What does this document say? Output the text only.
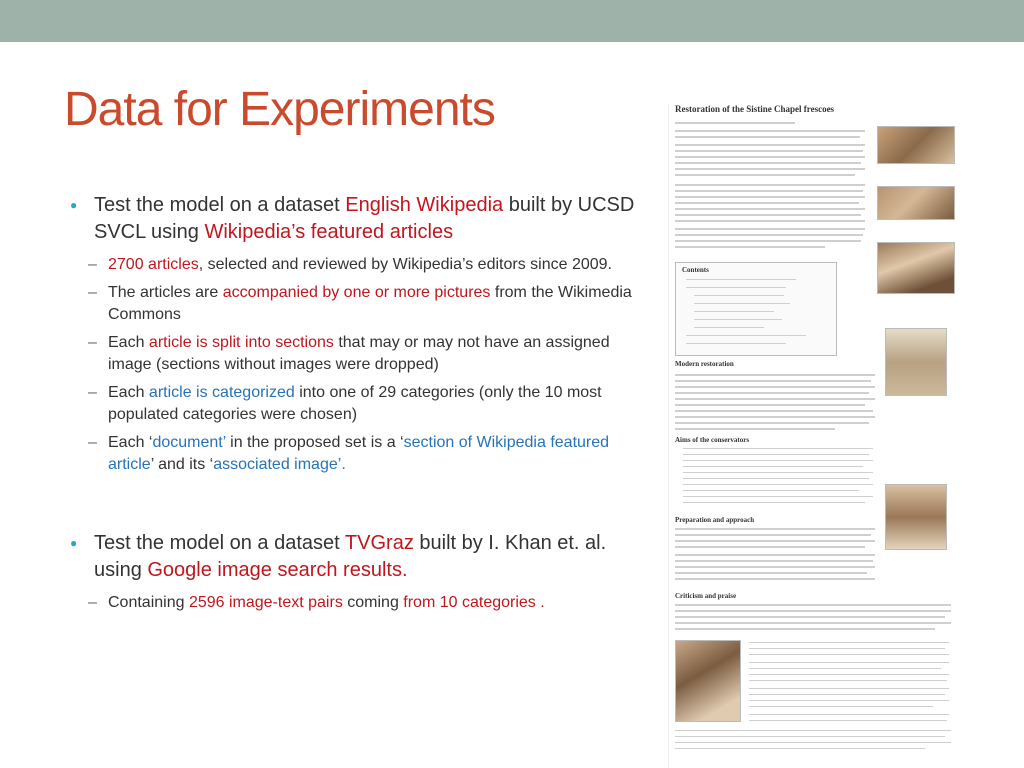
Data for Experiments
● Test the model on a dataset English Wikipedia built by UCSD SVCL using Wikipedia’s featured articles
– 2700 articles, selected and reviewed by Wikipedia’s editors since 2009.
– The articles are accompanied by one or more pictures from the Wikimedia Commons
– Each article is split into sections that may or may not have an assigned image (sections without images were dropped)
– Each article is categorized into one of 29 categories (only the 10 most populated categories were chosen)
– Each ‘document’ in the proposed set is a ‘section of Wikipedia featured article’ and its ‘associated image’.
● Test the model on a dataset TVGraz built by I. Khan et. al. using Google image search results.
– Containing 2596 image-text pairs coming from 10 categories .
Restoration of the Sistine Chapel frescoes
Contents
Modern restoration
Aims of the conservators
Preparation and approach
Criticism and praise
